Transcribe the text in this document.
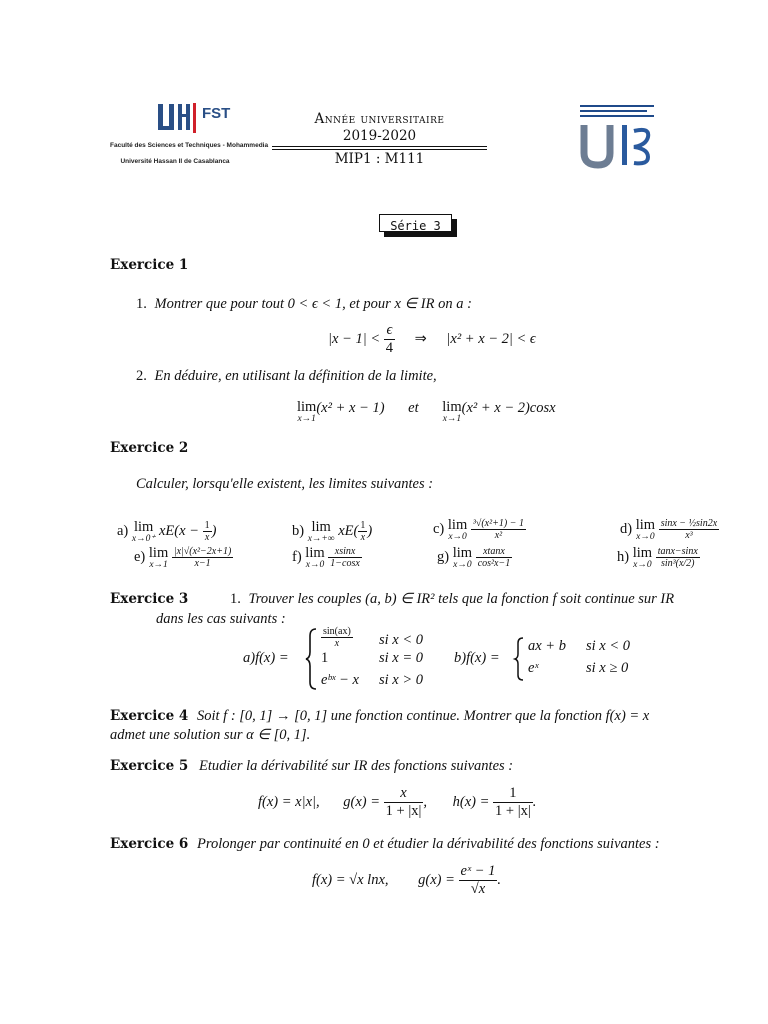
FST
Faculté des Sciences et Techniques - Mohammedia
Université Hassan II de Casablanca
Année universitaire
2019-2020
MIP1 : M111
Série 3
Exercice 1
1. Montrer que pour tout 0 < ϵ < 1, et pour x ∈ IR on a :
$|x - 1| < \frac{\epsilon}{4}$ ⇒ |x² + x − 2| < ϵ
2. En déduire, en utilisant la définition de la limite,
lim
x→1
(x² + x − 1) et lim
x→1
(x² + x − 2)cosx
Exercice 2
Calculer, lorsqu'elle existent, les limites suivantes :
a) lim
x→0⁺
$xE(x - \frac{1}{x}$ )	b) lim
x→+∞
$xE( \frac{1}{x}$ )	c) lim
x→0
$\frac{\text{³√(x²+1) − 1}}{\text{x²}}$	d) lim
x→0
$\frac{\text{sinx − ½sin2x}}{\text{x³}}$
e) lim
x→1
$\frac{\text{|x|√(x²−2x+1)}}{x-1}$	f) lim
x→0
$\frac{xsinx}{1-\cos x}$	g) lim
x→0
$\frac{xtanx}{\text{cos²x−1}}$	h) lim
x→0
$\frac{\tan x-\sin x}{\text{sin³(x/2)}}$
Exercice 3	1. Trouver les couples (a, b) ∈ IR² tels que la fonction f soit continue sur IR
dans les cas suivants :
a)f(x) =
$\frac{\sin(ax)}{x}$ si x < 0
1	si x = 0
eᵇˣ − x si x > 0
b)f(x) =
ax + b si x < 0
eˣ	si x ≥ 0
Exercice 4 Soit f : [0, 1] → [0, 1] une fonction continue. Montrer que la fonction f(x) = x
admet une solution sur α ∈ [0, 1].
Exercice 5 Etudier la dérivabilité sur IR des fonctions suivantes :
f(x) = x|x|, $g(x) = \frac{x}{1 + |x|}$ , $h(x) = \frac{1}{1 + |x|}$ .
Exercice 6 Prolonger par continuité en 0 et étudier la dérivabilité des fonctions suivantes :
f(x) = √x lnx, $g(x) = \frac{\text{eˣ − 1}}{√x}$ .
